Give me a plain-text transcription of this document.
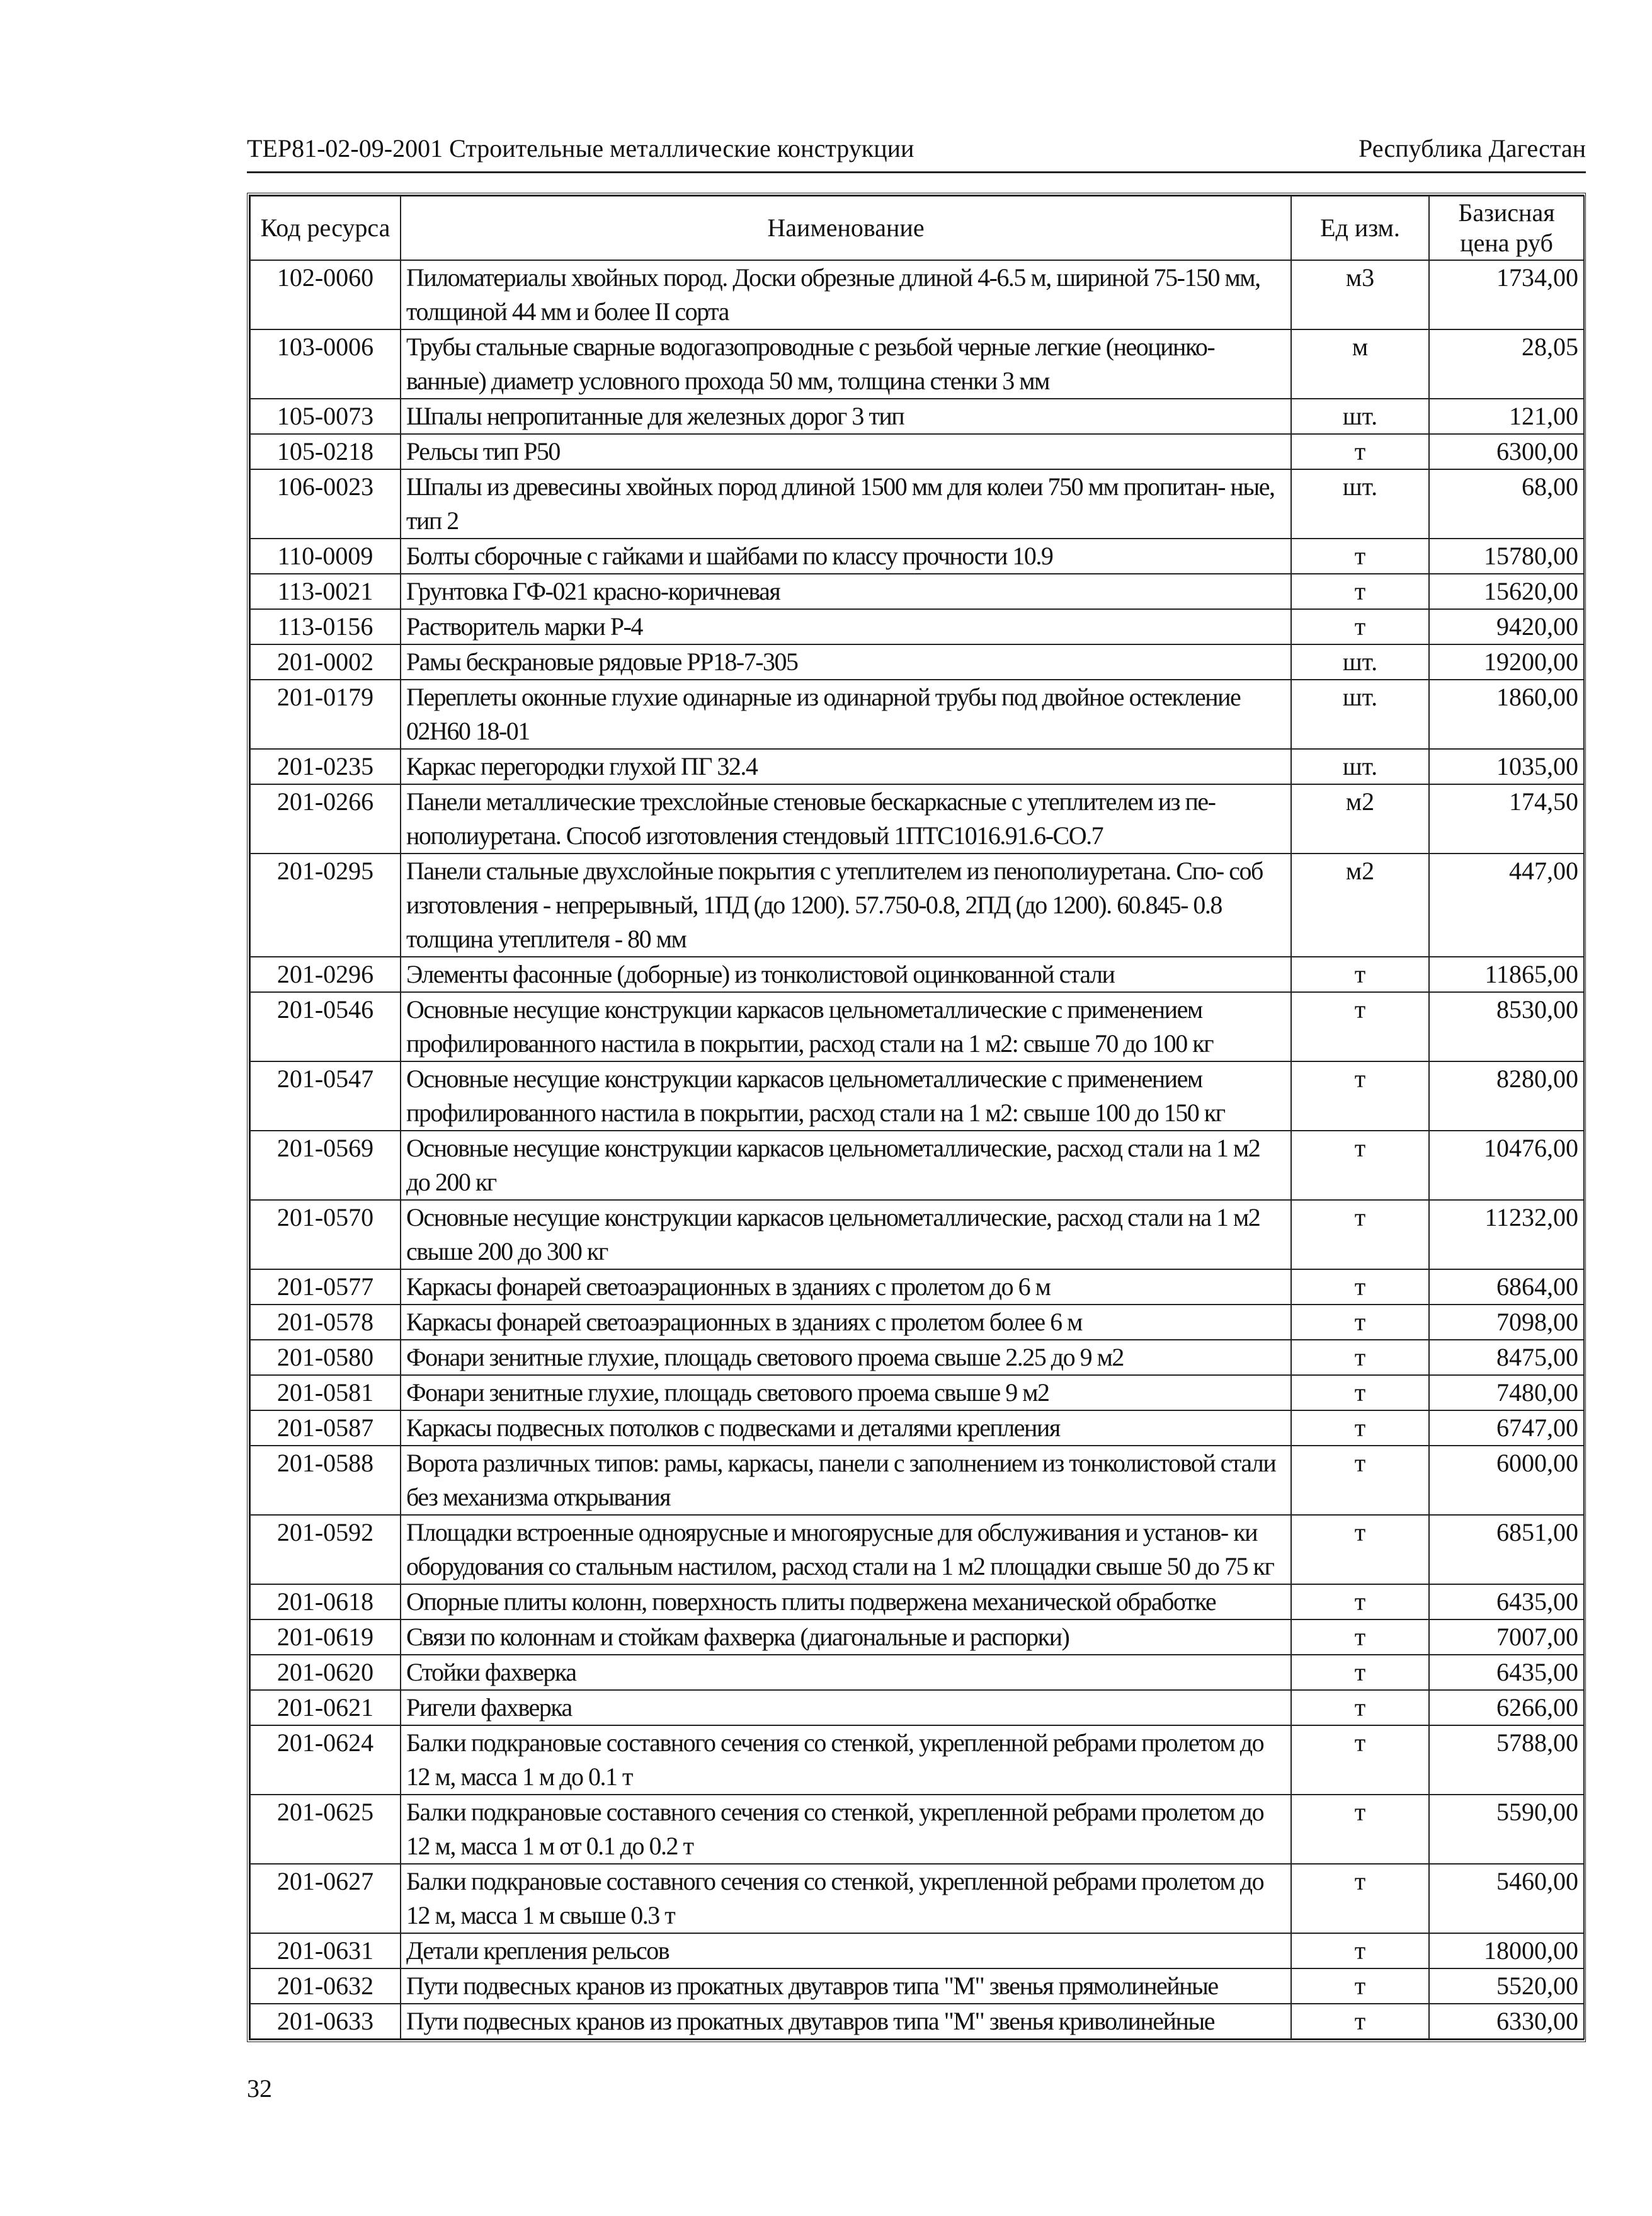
ТЕР81-02-09-2001 Строительные металлические конструкции	Республика Дагестан
Код ресурса	Наименование	Ед изм.	Базисная цена руб
102-0060	Пиломатериалы хвойных пород. Доски обрезные длиной 4-6.5 м, шириной 75-150 мм, толщиной 44 мм и более II сорта	м3	1734,00
103-0006	Трубы стальные сварные водогазопроводные с резьбой черные легкие (неоцинко- ванные) диаметр условного прохода 50 мм, толщина стенки 3 мм	м	28,05
105-0073	Шпалы непропитанные для железных дорог 3 тип	шт.	121,00
105-0218	Рельсы тип Р50	т	6300,00
106-0023	Шпалы из древесины хвойных пород длиной 1500 мм для колеи 750 мм пропитан- ные, тип 2	шт.	68,00
110-0009	Болты сборочные с гайками и шайбами по классу прочности 10.9	т	15780,00
113-0021	Грунтовка ГФ-021 красно-коричневая	т	15620,00
113-0156	Растворитель марки Р-4	т	9420,00
201-0002	Рамы бескрановые рядовые РР18-7-305	шт.	19200,00
201-0179	Переплеты оконные глухие одинарные из одинарной трубы под двойное остекление 02Н60 18-01	шт.	1860,00
201-0235	Каркас перегородки глухой ПГ 32.4	шт.	1035,00
201-0266	Панели металлические трехслойные стеновые бескаркасные с утеплителем из пе- нополиуретана. Способ изготовления стендовый 1ПТС1016.91.6-СО.7	м2	174,50
201-0295	Панели стальные двухслойные покрытия с утеплителем из пенополиуретана. Спо- соб изготовления - непрерывный, 1ПД (до 1200). 57.750-0.8, 2ПД (до 1200). 60.845- 0.8 толщина утеплителя - 80 мм	м2	447,00
201-0296	Элементы фасонные (доборные) из тонколистовой оцинкованной стали	т	11865,00
201-0546	Основные несущие конструкции каркасов цельнометаллические с применением профилированного настила в покрытии, расход стали на 1 м2: свыше 70 до 100 кг	т	8530,00
201-0547	Основные несущие конструкции каркасов цельнометаллические с применением профилированного настила в покрытии, расход стали на 1 м2: свыше 100 до 150 кг	т	8280,00
201-0569	Основные несущие конструкции каркасов цельнометаллические, расход стали на 1 м2 до 200 кг	т	10476,00
201-0570	Основные несущие конструкции каркасов цельнометаллические, расход стали на 1 м2 свыше 200 до 300 кг	т	11232,00
201-0577	Каркасы фонарей светоаэрационных в зданиях с пролетом до 6 м	т	6864,00
201-0578	Каркасы фонарей светоаэрационных в зданиях с пролетом более 6 м	т	7098,00
201-0580	Фонари зенитные глухие, площадь светового проема свыше 2.25 до 9 м2	т	8475,00
201-0581	Фонари зенитные глухие, площадь светового проема свыше 9 м2	т	7480,00
201-0587	Каркасы подвесных потолков с подвесками и деталями крепления	т	6747,00
201-0588	Ворота различных типов: рамы, каркасы, панели с заполнением из тонколистовой стали без механизма открывания	т	6000,00
201-0592	Площадки встроенные одноярусные и многоярусные для обслуживания и установ- ки оборудования со стальным настилом, расход стали на 1 м2 площадки свыше 50 до 75 кг	т	6851,00
201-0618	Опорные плиты колонн, поверхность плиты подвержена механической обработке	т	6435,00
201-0619	Связи по колоннам и стойкам фахверка (диагональные и распорки)	т	7007,00
201-0620	Стойки фахверка	т	6435,00
201-0621	Ригели фахверка	т	6266,00
201-0624	Балки подкрановые составного сечения со стенкой, укрепленной ребрами пролетом до 12 м, масса 1 м до 0.1 т	т	5788,00
201-0625	Балки подкрановые составного сечения со стенкой, укрепленной ребрами пролетом до 12 м, масса 1 м от 0.1 до 0.2 т	т	5590,00
201-0627	Балки подкрановые составного сечения со стенкой, укрепленной ребрами пролетом до 12 м, масса 1 м свыше 0.3 т	т	5460,00
201-0631	Детали крепления рельсов	т	18000,00
201-0632	Пути подвесных кранов из прокатных двутавров типа "М" звенья прямолинейные	т	5520,00
201-0633	Пути подвесных кранов из прокатных двутавров типа "М" звенья криволинейные	т	6330,00
32
